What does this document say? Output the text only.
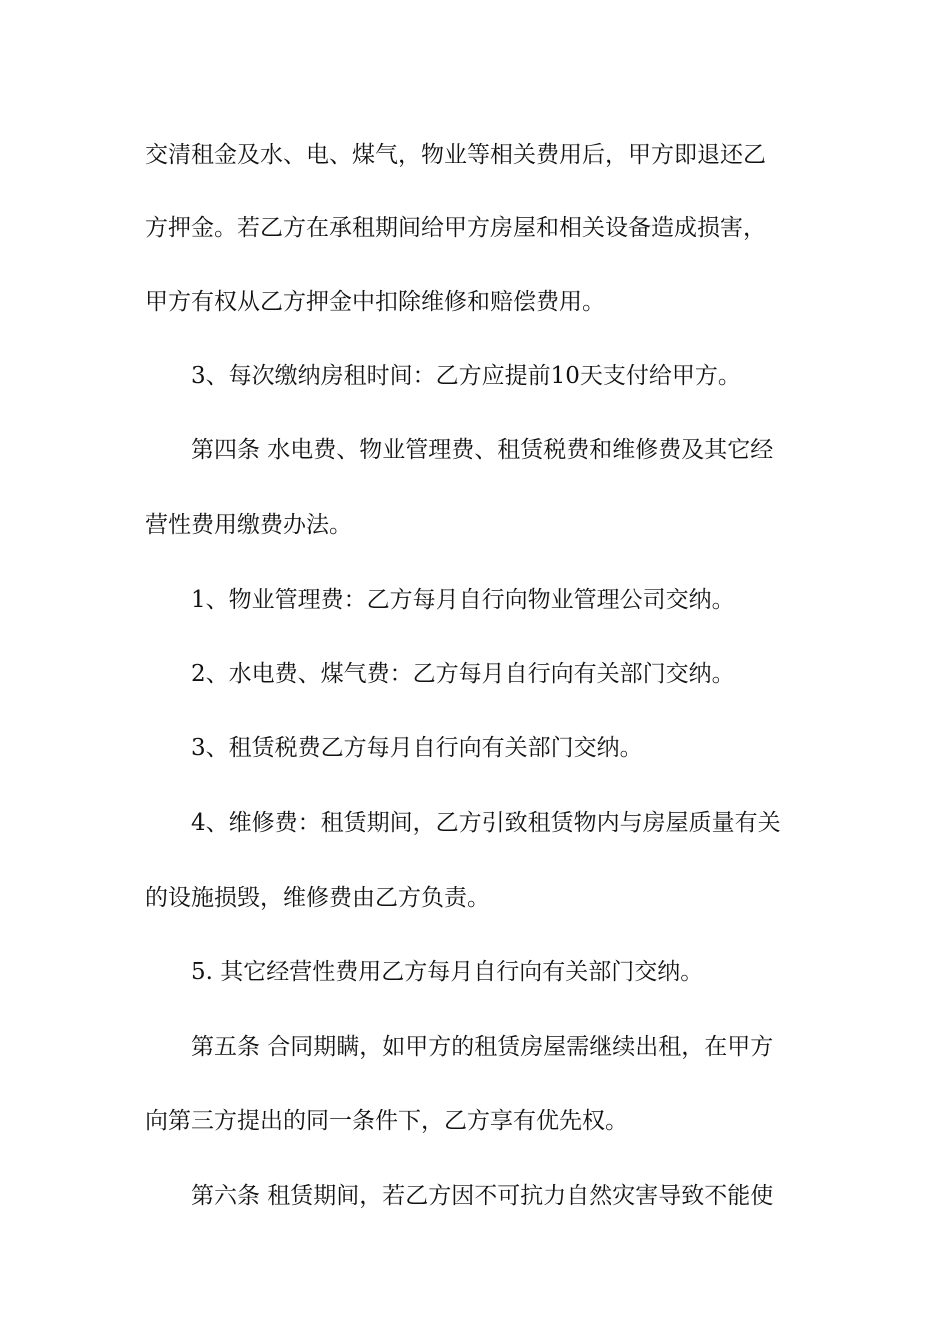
交清租金及水、电、煤气，物业等相关费用后，甲方即退还乙
方押金。若乙方在承租期间给甲方房屋和相关设备造成损害，
甲方有权从乙方押金中扣除维修和赔偿费用。
3、每次缴纳房租时间：乙方应提前10天支付给甲方。
第四条 水电费、物业管理费、租赁税费和维修费及其它经
营性费用缴费办法。
1、物业管理费：乙方每月自行向物业管理公司交纳。
2、水电费、煤气费：乙方每月自行向有关部门交纳。
3、租赁税费乙方每月自行向有关部门交纳。
4、维修费：租赁期间，乙方引致租赁物内与房屋质量有关
的设施损毁，维修费由乙方负责。
5. 其它经营性费用乙方每月自行向有关部门交纳。
第五条 合同期瞒，如甲方的租赁房屋需继续出租，在甲方
向第三方提出的同一条件下，乙方享有优先权。
第六条 租赁期间，若乙方因不可抗力自然灾害导致不能使
